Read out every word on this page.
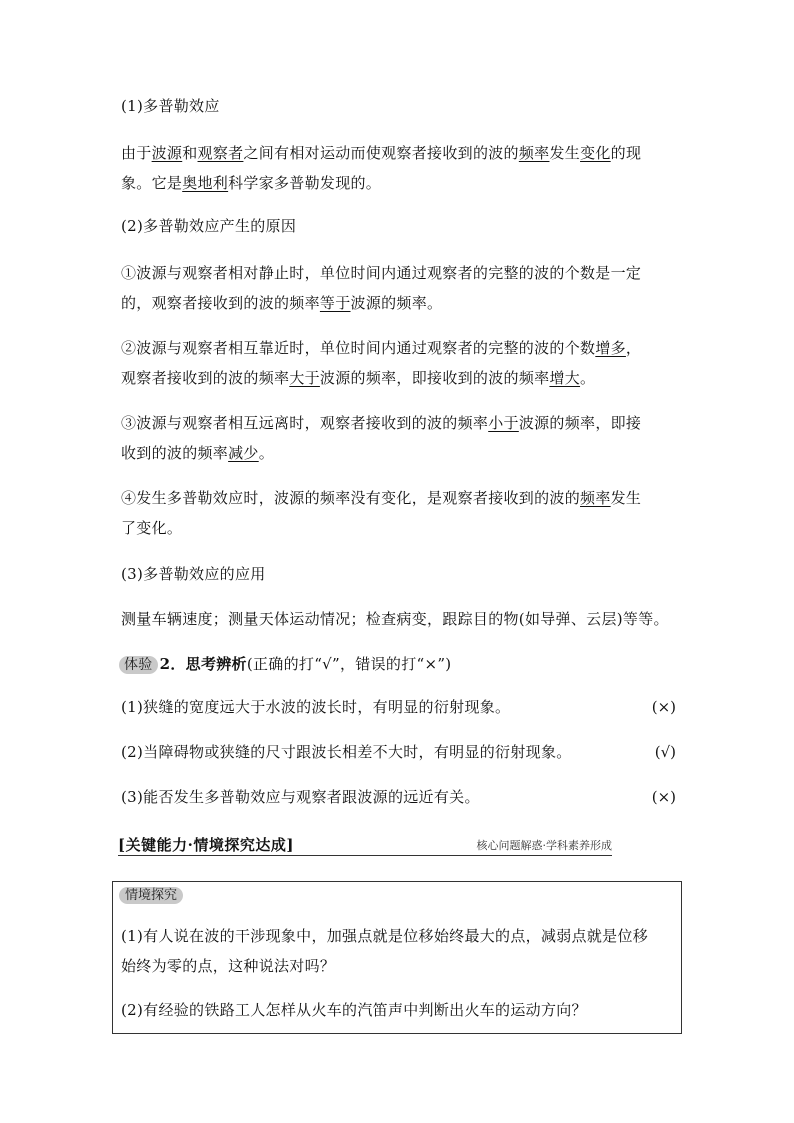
(1)多普勒效应
由于波源和观察者之间有相对运动而使观察者接收到的波的频率发生变化的现
象。它是奥地利科学家多普勒发现的。
(2)多普勒效应产生的原因
①波源与观察者相对静止时，单位时间内通过观察者的完整的波的个数是一定
的，观察者接收到的波的频率等于波源的频率。
②波源与观察者相互靠近时，单位时间内通过观察者的完整的波的个数增多，
观察者接收到的波的频率大于波源的频率，即接收到的波的频率增大。
③波源与观察者相互远离时，观察者接收到的波的频率小于波源的频率，即接
收到的波的频率减少。
④发生多普勒效应时，波源的频率没有变化，是观察者接收到的波的频率发生
了变化。
(3)多普勒效应的应用
测量车辆速度；测量天体运动情况；检查病变，跟踪目的物(如导弹、云层)等等。
体验 2．思考辨析(正确的打“√”，错误的打“×”)
(1)狭缝的宽度远大于水波的波长时，有明显的衍射现象。	(×)
(2)当障碍物或狭缝的尺寸跟波长相差不大时，有明显的衍射现象。	(√)
(3)能否发生多普勒效应与观察者跟波源的远近有关。	(×)
[关键能力·情境探究达成]	核心问题解惑·学科素养形成
情境探究
(1)有人说在波的干涉现象中，加强点就是位移始终最大的点，减弱点就是位移
始终为零的点，这种说法对吗？
(2)有经验的铁路工人怎样从火车的汽笛声中判断出火车的运动方向？
